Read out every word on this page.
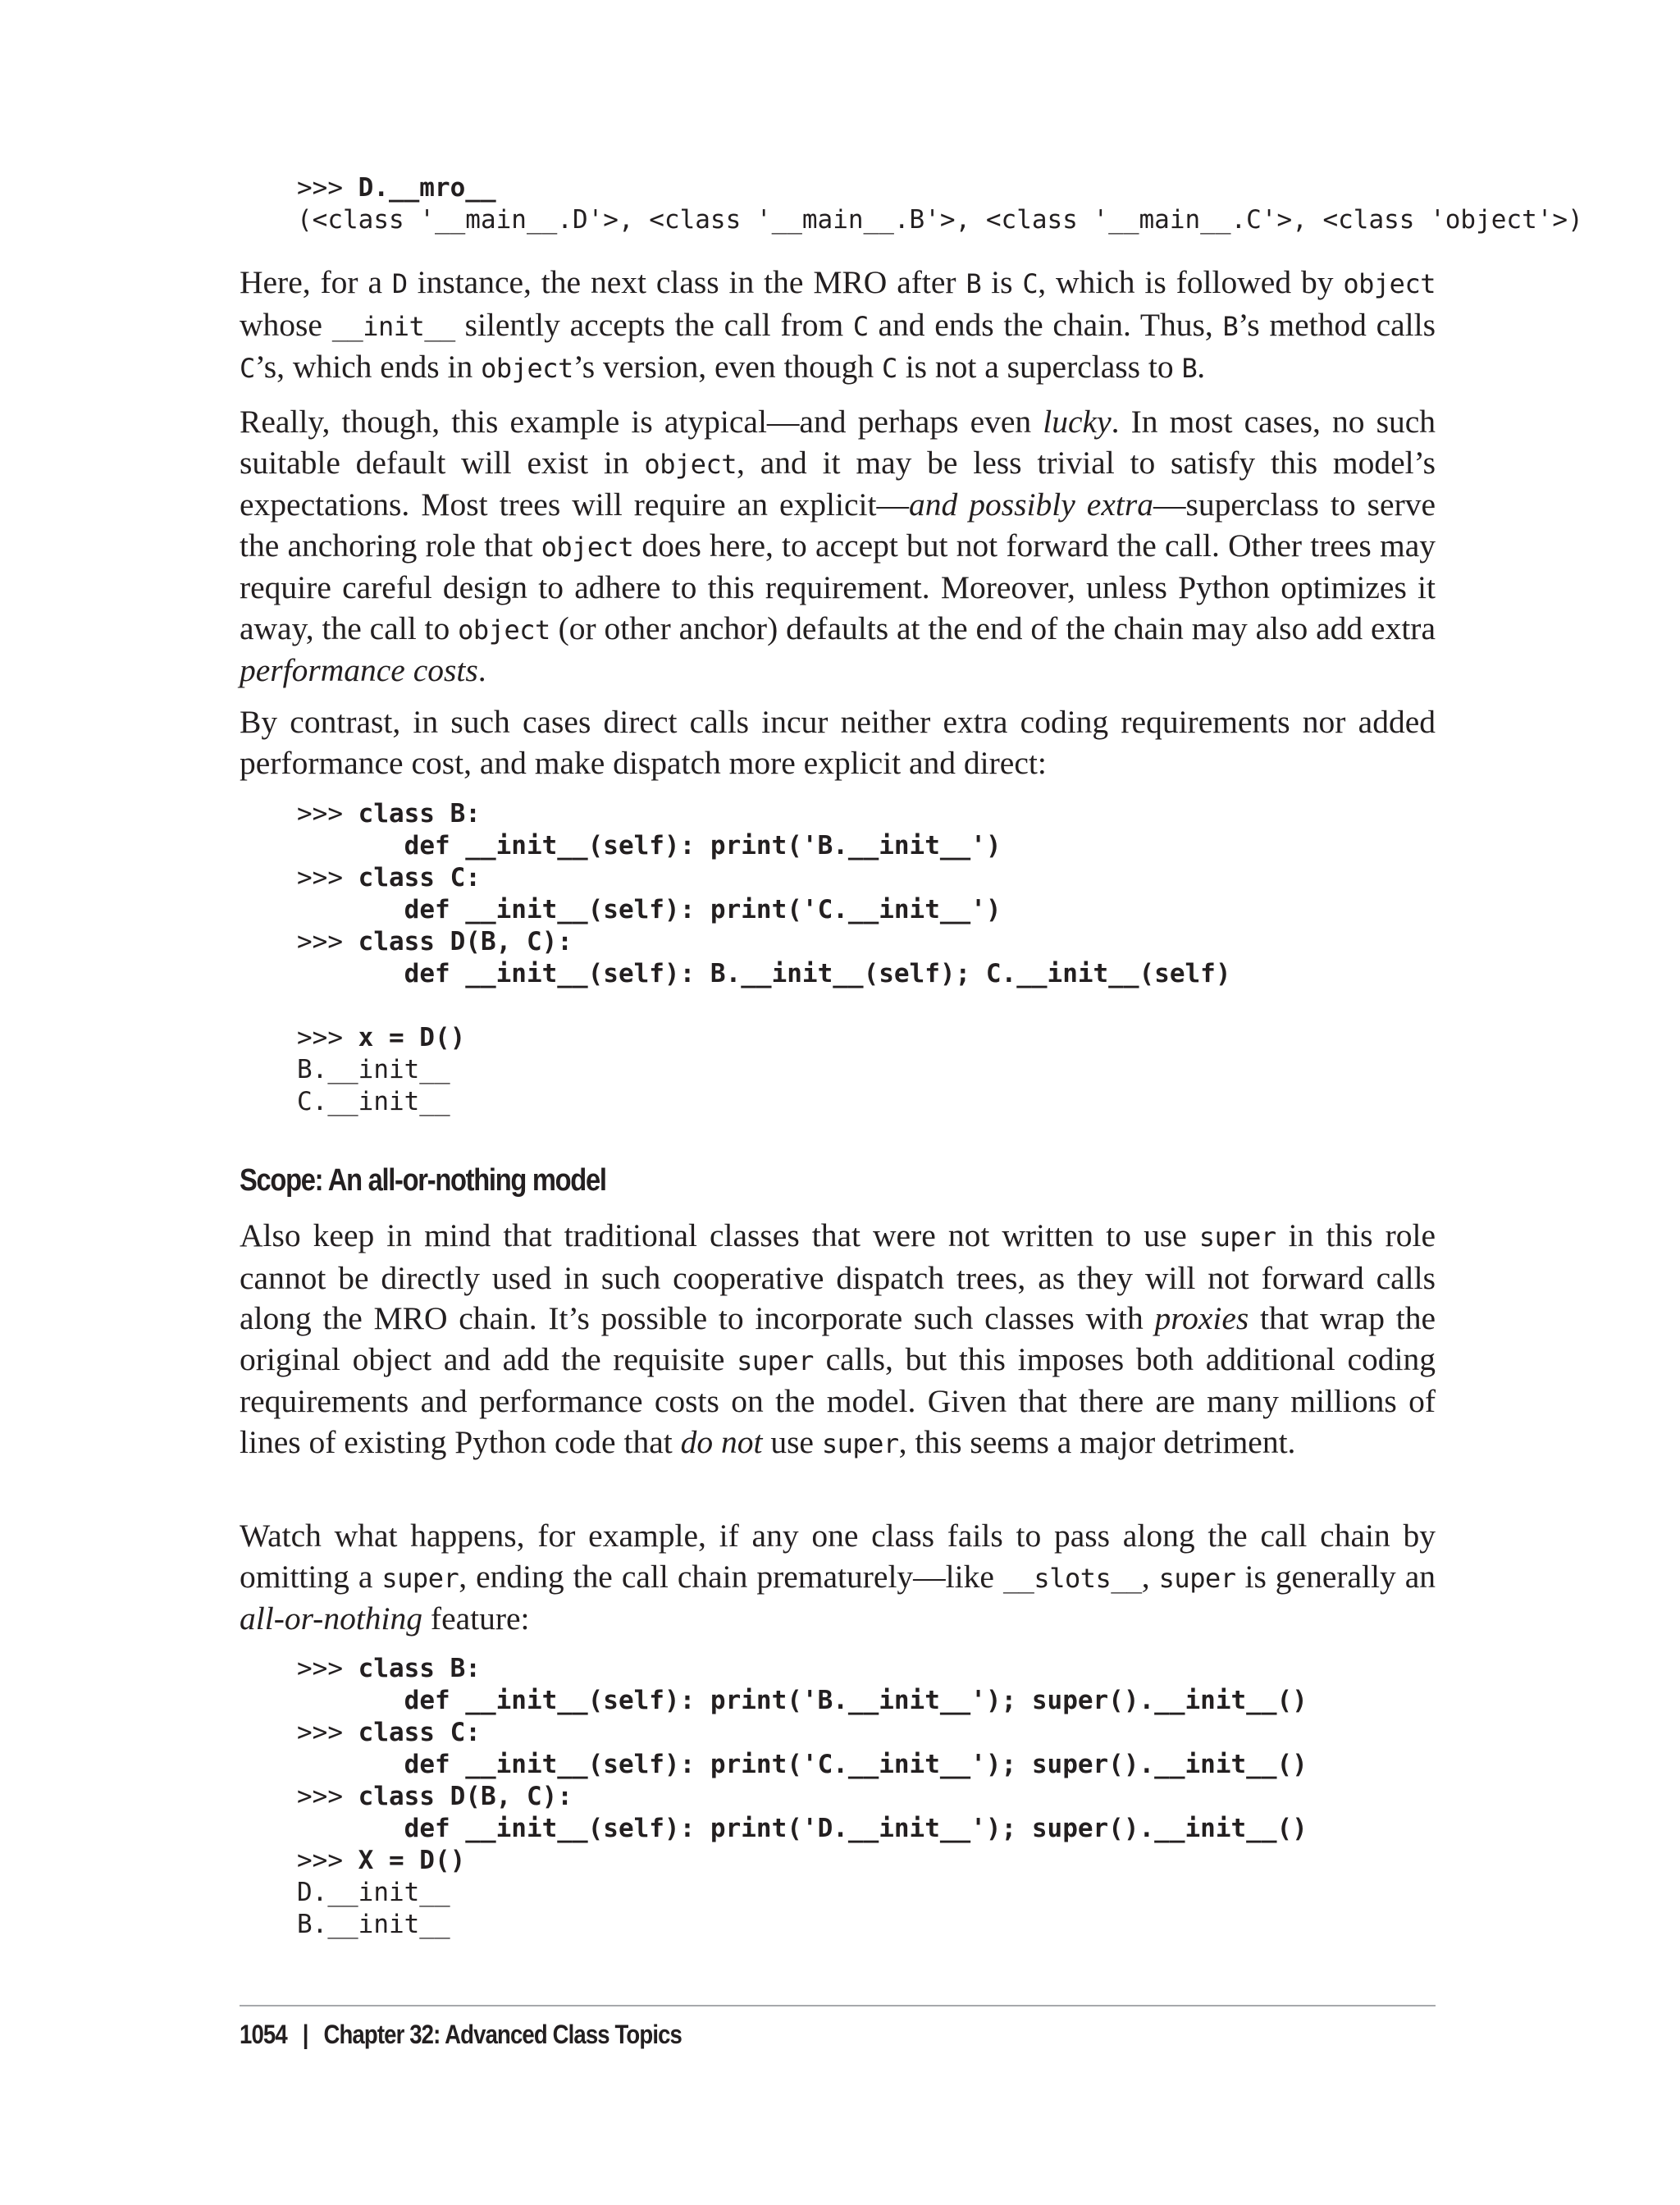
>>> D.__mro__
(<class '__main__.D'>, <class '__main__.B'>, <class '__main__.C'>, <class 'object'>)

Here, for a D instance, the next class in the MRO after B is C, which is followed by object whose __init__ silently accepts the call from C and ends the chain. Thus, B’s method calls C’s, which ends in object’s version, even though C is not a superclass to B.

Really, though, this example is atypical—and perhaps even lucky. In most cases, no such suitable default will exist in object, and it may be less trivial to satisfy this model’s expectations. Most trees will require an explicit—and possibly extra—superclass to serve the anchoring role that object does here, to accept but not forward the call. Other trees may require careful design to adhere to this requirement. Moreover, unless Python optimizes it away, the call to object (or other anchor) defaults at the end of the chain may also add extra performance costs.

By contrast, in such cases direct calls incur neither extra coding requirements nor added performance cost, and make dispatch more explicit and direct:

>>> class B:
def __init__(self): print('B.__init__')
>>> class C:
def __init__(self): print('C.__init__')
>>> class D(B, C):
def __init__(self): B.__init__(self); C.__init__(self)

>>> x = D()
B.__init__
C.__init__
Scope: An all-or-nothing model

Also keep in mind that traditional classes that were not written to use super in this role cannot be directly used in such cooperative dispatch trees, as they will not forward calls along the MRO chain. It’s possible to incorporate such classes with proxies that wrap the original object and add the requisite super calls, but this imposes both additional coding requirements and performance costs on the model. Given that there are many millions of lines of existing Python code that do not use super, this seems a major detriment.

Watch what happens, for example, if any one class fails to pass along the call chain by omitting a super, ending the call chain prematurely—like __slots__, super is generally an all-or-nothing feature:

>>> class B:
def __init__(self): print('B.__init__'); super().__init__()
>>> class C:
def __init__(self): print('C.__init__'); super().__init__()
>>> class D(B, C):
def __init__(self): print('D.__init__'); super().__init__()
>>> X = D()
D.__init__
B.__init__
1054 | Chapter 32: Advanced Class Topics
